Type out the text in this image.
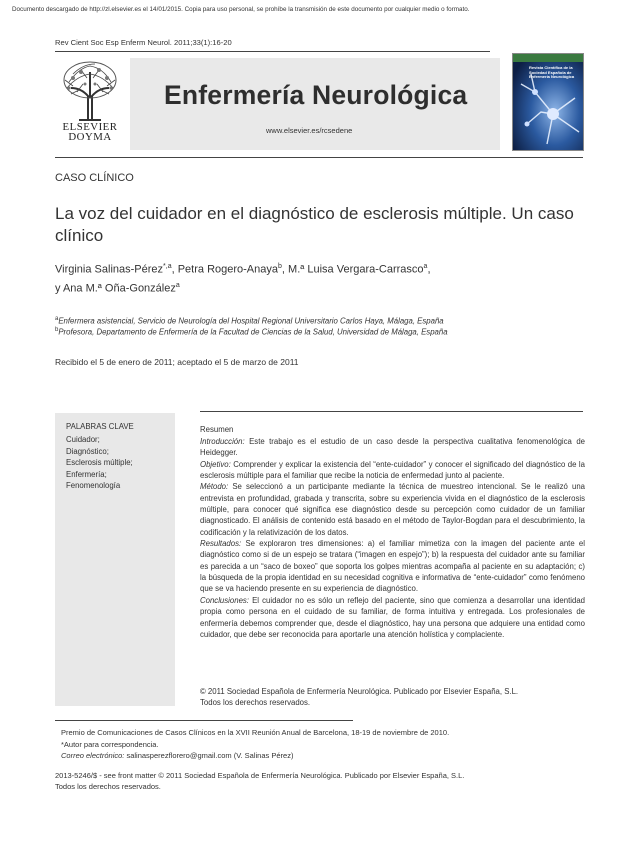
Documento descargado de http://zl.elsevier.es el 14/01/2015. Copia para uso personal, se prohíbe la transmisión de este documento por cualquier medio o formato.
Rev Cient Soc Esp Enferm Neurol. 2011;33(1):16-20
ELSEVIER
DOYMA
Enfermería Neurológica
www.elsevier.es/rcsedene
Revista Científica de la Sociedad Española de Enfermería Neurológica
CASO CLÍNICO
La voz del cuidador en el diagnóstico de esclerosis múltiple. Un caso clínico
Virginia Salinas-Pérez$^{*,a}$, Petra Rogero-Anaya$^b$, M.ª Luisa Vergara-Carrasco$^a$,
y Ana M.ª Oña-González$^a$
$^a$Enfermera asistencial, Servicio de Neurología del Hospital Regional Universitario Carlos Haya, Málaga, España
$^b$Profesora, Departamento de Enfermería de la Facultad de Ciencias de la Salud, Universidad de Málaga, España
Recibido el 5 de enero de 2011; aceptado el 5 de marzo de 2011
PALABRAS CLAVE
Cuidador;
Diagnóstico;
Esclerosis múltiple;
Enfermería;
Fenomenología
Resumen

Introducción: Este trabajo es el estudio de un caso desde la perspectiva cualitativa fenomenológica de Heidegger.

Objetivo: Comprender y explicar la existencia del “ente-cuidador” y conocer el significado del diagnóstico de la esclerosis múltiple para el familiar que recibe la noticia de enfermedad junto al paciente.

Método: Se seleccionó a un participante mediante la técnica de muestreo intencional. Se le realizó una entrevista en profundidad, grabada y transcrita, sobre su experiencia vivida en el diagnóstico de la esclerosis múltiple, para conocer qué significa ese diagnóstico desde su percepción como cuidador de un familiar diagnosticado. El análisis de contenido está basado en el método de Taylor-Bogdan para el descubrimiento, la codificación y la relativización de los datos.

Resultados: Se exploraron tres dimensiones: a) el familiar mimetiza con la imagen del paciente ante el diagnóstico como si de un espejo se tratara (“imagen en espejo”); b) la respuesta del cuidador ante su familiar es parecida a un “saco de boxeo” que soporta los golpes mientras acompaña al paciente en su adaptación; c) la búsqueda de la propia identidad en su necesidad cognitiva e informativa de “ente-cuidador” como fenómeno que se va haciendo presente en su experiencia de diagnóstico.

Conclusiones: El cuidador no es sólo un reflejo del paciente, sino que comienza a desarrollar una identidad propia como persona en el cuidado de su familiar, de forma intuitiva y entregada. Los profesionales de enfermería debemos comprender que, desde el diagnóstico, hay una persona que adquiere una entidad como cuidador, que debe ser reconocida para aportarle una atención holística y complaciente.

© 2011 Sociedad Española de Enfermería Neurológica. Publicado por Elsevier España, S.L.
Todos los derechos reservados.
Premio de Comunicaciones de Casos Clínicos en la XVII Reunión Anual de Barcelona, 18-19 de noviembre de 2010.
*Autor para correspondencia.
Correo electrónico: salinasperezflorero@gmail.com (V. Salinas Pérez)
2013-5246/$ - see front matter © 2011 Sociedad Española de Enfermería Neurológica. Publicado por Elsevier España, S.L.
Todos los derechos reservados.
